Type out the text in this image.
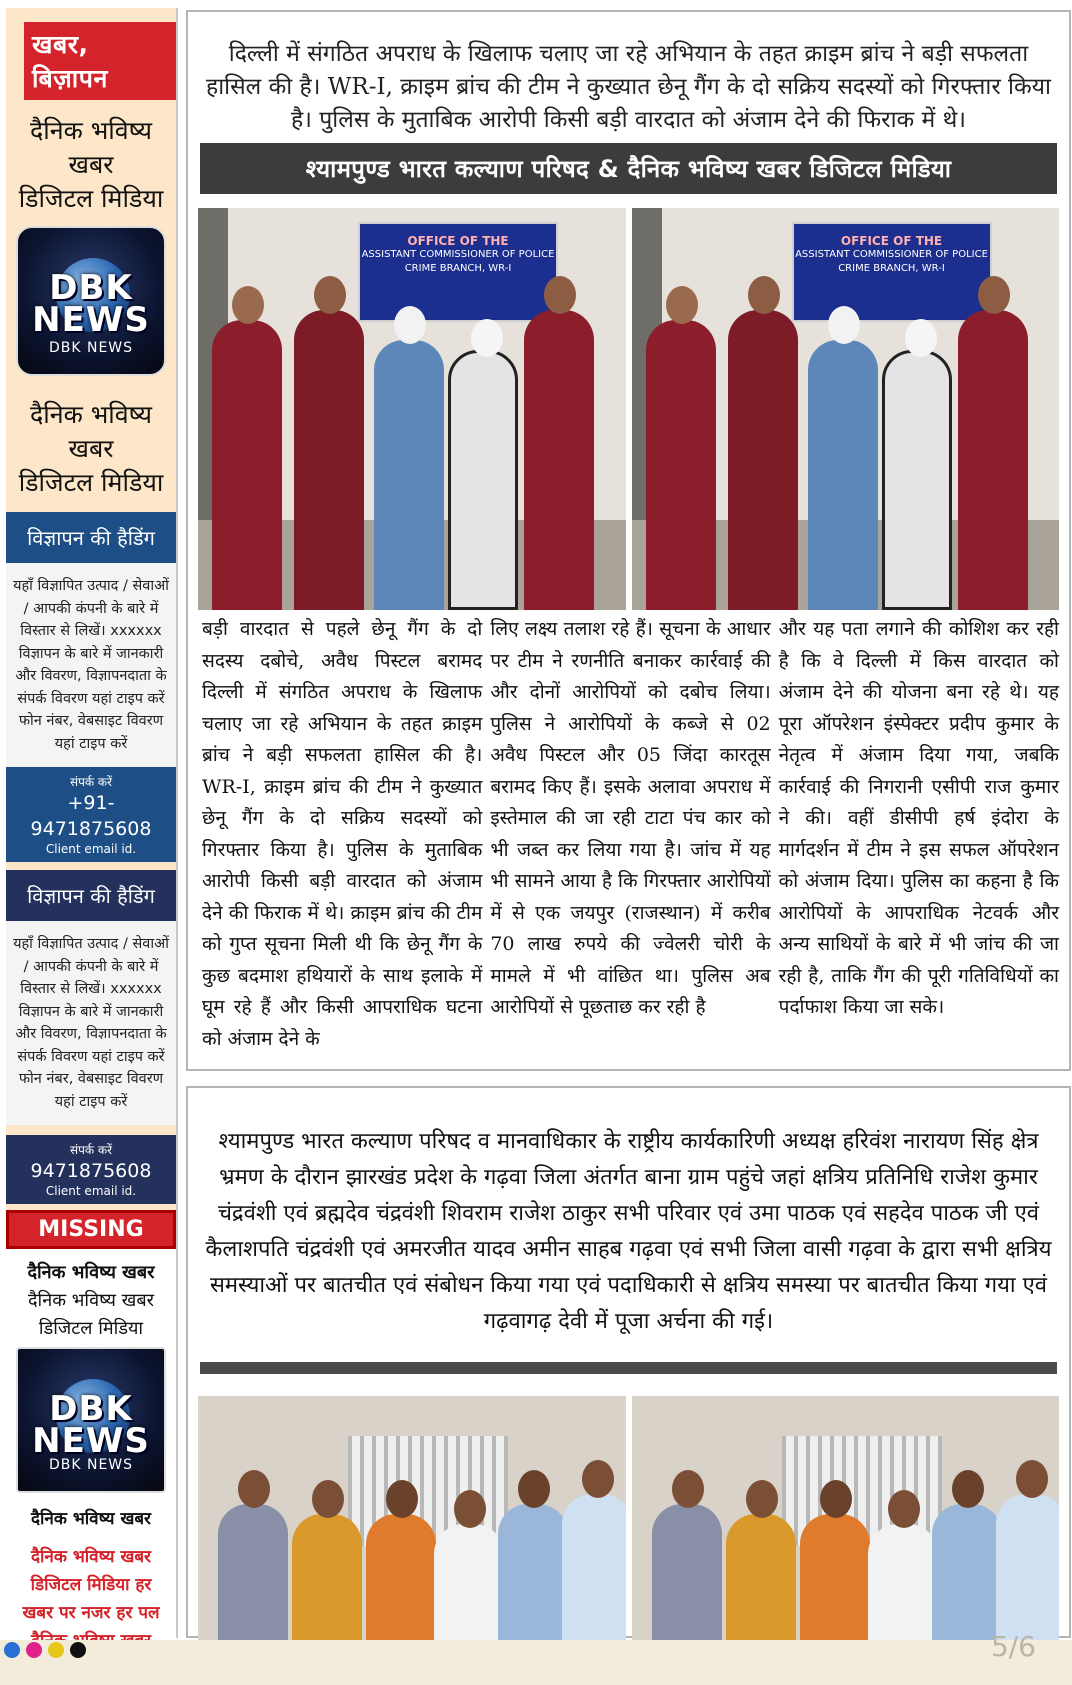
खबर, बिज़ापन
दैनिक भविष्य खबर
डिजिटल मिडिया
DBK NEWS
DBK NEWS
दैनिक भविष्य खबर
डिजिटल मिडिया
विज्ञापन की हैडिंग
यहाँ विज्ञापित उत्पाद / सेवाओं / आपकी कंपनी के बारे में विस्तार से लिखें। xxxxxx विज्ञापन के बारे में जानकारी और विवरण, विज्ञापनदाता के संपर्क विवरण यहां टाइप करें फोन नंबर, वेबसाइट विवरण यहां टाइप करें
संपर्क करें
+91-9471875608
Client email id.
विज्ञापन की हैडिंग
यहाँ विज्ञापित उत्पाद / सेवाओं / आपकी कंपनी के बारे में विस्तार से लिखें। xxxxxx विज्ञापन के बारे में जानकारी और विवरण, विज्ञापनदाता के संपर्क विवरण यहां टाइप करें फोन नंबर, वेबसाइट विवरण यहां टाइप करें
संपर्क करें
9471875608
Client email id.
MISSING
दैनिक भविष्य खबर
दैनिक भविष्य खबर
डिजिटल मिडिया
DBK NEWS
DBK NEWS
दैनिक भविष्य खबर
दैनिक भविष्य खबर
डिजिटल मिडिया हर
खबर पर नजर हर पल
दिल्ली में संगठित अपराध के खिलाफ चलाए जा रहे अभियान के तहत क्राइम ब्रांच ने बड़ी सफलता हासिल की है। WR-I, क्राइम ब्रांच की टीम ने कुख्यात छेनू गैंग के दो सक्रिय सदस्यों को गिरफ्तार किया है। पुलिस के मुताबिक आरोपी किसी बड़ी वारदात को अंजाम देने की फिराक में थे।
श्यामपुण्ड भारत कल्याण परिषद & दैनिक भविष्य खबर डिजिटल मिडिया
OFFICE OF THE
ASSISTANT COMMISSIONER OF POLICE
CRIME BRANCH, WR-I
OFFICE OF THE
ASSISTANT COMMISSIONER OF POLICE
CRIME BRANCH, WR-I
बड़ी वारदात से पहले छेनू गैंग के दो सदस्य दबोचे, अवैध पिस्टल बरामद दिल्ली में संगठित अपराध के खिलाफ चलाए जा रहे अभियान के तहत क्राइम ब्रांच ने बड़ी सफलता हासिल की है। WR-I, क्राइम ब्रांच की टीम ने कुख्यात छेनू गैंग के दो सक्रिय सदस्यों को गिरफ्तार किया है। पुलिस के मुताबिक आरोपी किसी बड़ी वारदात को अंजाम देने की फिराक में थे। क्राइम ब्रांच की टीम को गुप्त सूचना मिली थी कि छेनू गैंग के कुछ बदमाश हथियारों के साथ इलाके में घूम रहे हैं और किसी आपराधिक घटना को अंजाम देने के
लिए लक्ष्य तलाश रहे हैं। सूचना के आधार पर टीम ने रणनीति बनाकर कार्रवाई की और दोनों आरोपियों को दबोच लिया। पुलिस ने आरोपियों के कब्जे से 02 अवैध पिस्टल और 05 जिंदा कारतूस बरामद किए हैं। इसके अलावा अपराध में इस्तेमाल की जा रही टाटा पंच कार को भी जब्त कर लिया गया है। जांच में यह भी सामने आया है कि गिरफ्तार आरोपियों में से एक जयपुर (राजस्थान) में करीब 70 लाख रुपये की ज्वेलरी चोरी के मामले में भी वांछित था। पुलिस अब आरोपियों से पूछताछ कर रही है
और यह पता लगाने की कोशिश कर रही है कि वे दिल्ली में किस वारदात को अंजाम देने की योजना बना रहे थे। यह पूरा ऑपरेशन इंस्पेक्टर प्रदीप कुमार के नेतृत्व में अंजाम दिया गया, जबकि कार्रवाई की निगरानी एसीपी राज कुमार ने की। वहीं डीसीपी हर्ष इंदोरा के मार्गदर्शन में टीम ने इस सफल ऑपरेशन को अंजाम दिया। पुलिस का कहना है कि आरोपियों के आपराधिक नेटवर्क और अन्य साथियों के बारे में भी जांच की जा रही है, ताकि गैंग की पूरी गतिविधियों का पर्दाफाश किया जा सके।
श्यामपुण्ड भारत कल्याण परिषद व मानवाधिकार के राष्ट्रीय कार्यकारिणी अध्यक्ष हरिवंश नारायण सिंह क्षेत्र भ्रमण के दौरान झारखंड प्रदेश के गढ़वा जिला अंतर्गत बाना ग्राम पहुंचे जहां क्षत्रिय प्रतिनिधि राजेश कुमार चंद्रवंशी एवं ब्रह्मदेव चंद्रवंशी शिवराम राजेश ठाकुर सभी परिवार एवं उमा पाठक एवं सहदेव पाठक जी एवं कैलाशपति चंद्रवंशी एवं अमरजीत यादव अमीन साहब गढ़वा एवं सभी जिला वासी गढ़वा के द्वारा सभी क्षत्रिय समस्याओं पर बातचीत एवं संबोधन किया गया एवं पदाधिकारी से क्षत्रिय समस्या पर बातचीत किया गया एवं गढ़वागढ़ देवी में पूजा अर्चना की गई।
5/6
